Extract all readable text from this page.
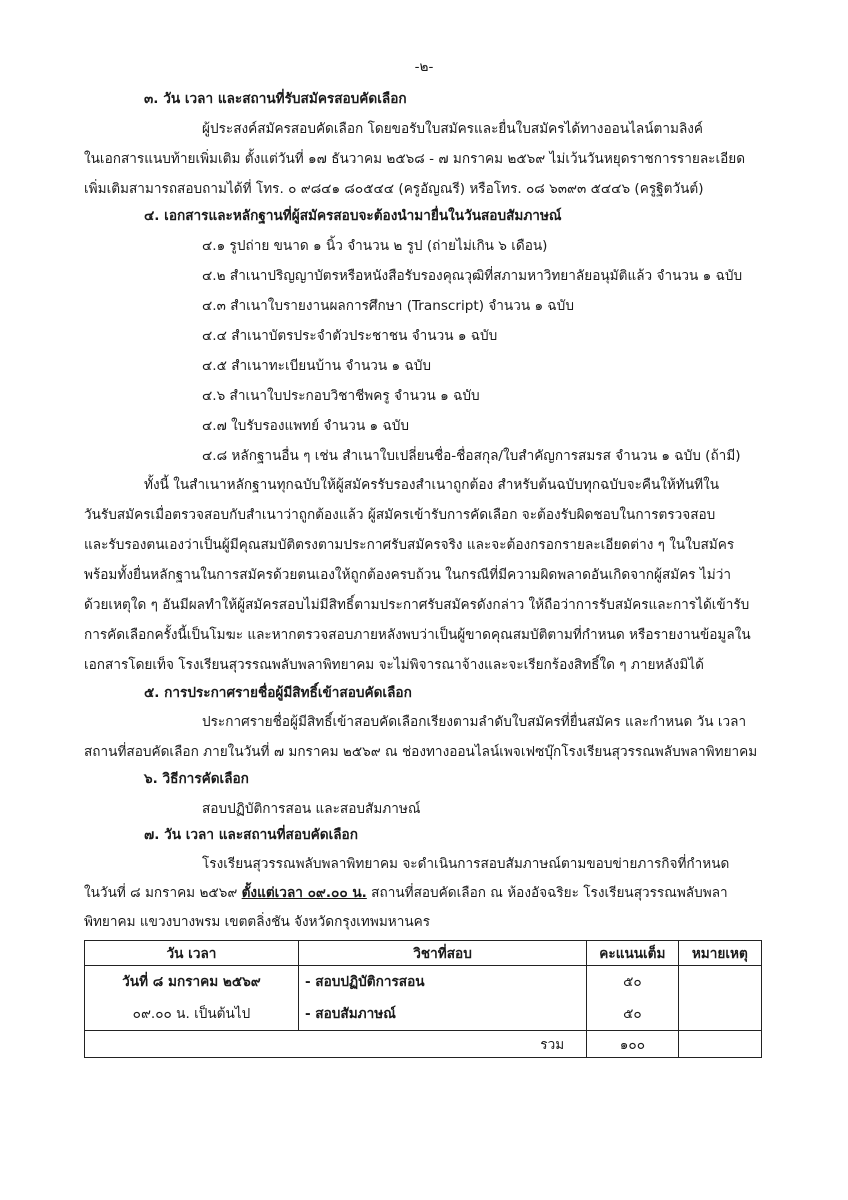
-๒-
๓. วัน เวลา และสถานที่รับสมัครสอบคัดเลือก
ผู้ประสงค์สมัครสอบคัดเลือก โดยขอรับใบสมัครและยื่นใบสมัครได้ทางออนไลน์ตามลิงค์
ในเอกสารแนบท้ายเพิ่มเติม ตั้งแต่วันที่ ๑๗ ธันวาคม ๒๕๖๘ - ๗ มกราคม ๒๕๖๙ ไม่เว้นวันหยุดราชการรายละเอียด
เพิ่มเติมสามารถสอบถามได้ที่ โทร. ๐ ๙๘๔๑ ๘๐๕๔๔ (ครูอัญณรี) หรือโทร. ๐๘ ๖๓๙๓ ๕๔๔๖ (ครูฐิตวันต์)
๔. เอกสารและหลักฐานที่ผู้สมัครสอบจะต้องนำมายื่นในวันสอบสัมภาษณ์
๔.๑ รูปถ่าย ขนาด ๑ นิ้ว จำนวน ๒ รูป (ถ่ายไม่เกิน ๖ เดือน)
๔.๒ สำเนาปริญญาบัตรหรือหนังสือรับรองคุณวุฒิที่สภามหาวิทยาลัยอนุมัติแล้ว จำนวน ๑ ฉบับ
๔.๓ สำเนาใบรายงานผลการศึกษา (Transcript) จำนวน ๑ ฉบับ
๔.๔ สำเนาบัตรประจำตัวประชาชน จำนวน ๑ ฉบับ
๔.๕ สำเนาทะเบียนบ้าน จำนวน ๑ ฉบับ
๔.๖ สำเนาใบประกอบวิชาชีพครู จำนวน ๑ ฉบับ
๔.๗ ใบรับรองแพทย์ จำนวน ๑ ฉบับ
๔.๘ หลักฐานอื่น ๆ เช่น สำเนาใบเปลี่ยนชื่อ-ชื่อสกุล/ใบสำคัญการสมรส จำนวน ๑ ฉบับ (ถ้ามี)
ทั้งนี้ ในสำเนาหลักฐานทุกฉบับให้ผู้สมัครรับรองสำเนาถูกต้อง สำหรับต้นฉบับทุกฉบับจะคืนให้ทันทีใน
วันรับสมัครเมื่อตรวจสอบกับสำเนาว่าถูกต้องแล้ว ผู้สมัครเข้ารับการคัดเลือก จะต้องรับผิดชอบในการตรวจสอบ
และรับรองตนเองว่าเป็นผู้มีคุณสมบัติตรงตามประกาศรับสมัครจริง และจะต้องกรอกรายละเอียดต่าง ๆ ในใบสมัคร
พร้อมทั้งยื่นหลักฐานในการสมัครด้วยตนเองให้ถูกต้องครบถ้วน ในกรณีที่มีความผิดพลาดอันเกิดจากผู้สมัคร ไม่ว่า
ด้วยเหตุใด ๆ อันมีผลทำให้ผู้สมัครสอบไม่มีสิทธิ์ตามประกาศรับสมัครดังกล่าว ให้ถือว่าการรับสมัครและการได้เข้ารับ
การคัดเลือกครั้งนี้เป็นโมฆะ และหากตรวจสอบภายหลังพบว่าเป็นผู้ขาดคุณสมบัติตามที่กำหนด หรือรายงานข้อมูลใน
เอกสารโดยเท็จ โรงเรียนสุวรรณพลับพลาพิทยาคม จะไม่พิจารณาจ้างและจะเรียกร้องสิทธิ์ใด ๆ ภายหลังมิได้
๕. การประกาศรายชื่อผู้มีสิทธิ์เข้าสอบคัดเลือก
ประกาศรายชื่อผู้มีสิทธิ์เข้าสอบคัดเลือกเรียงตามลำดับใบสมัครที่ยื่นสมัคร และกำหนด วัน เวลา
สถานที่สอบคัดเลือก ภายในวันที่ ๗ มกราคม ๒๕๖๙ ณ ช่องทางออนไลน์เพจเฟซบุ๊กโรงเรียนสุวรรณพลับพลาพิทยาคม
๖. วิธีการคัดเลือก
สอบปฏิบัติการสอน และสอบสัมภาษณ์
๗. วัน เวลา และสถานที่สอบคัดเลือก
โรงเรียนสุวรรณพลับพลาพิทยาคม จะดำเนินการสอบสัมภาษณ์ตามขอบข่ายภารกิจที่กำหนด
ในวันที่ ๘ มกราคม ๒๕๖๙ ตั้งแต่เวลา ๐๙.๐๐ น. สถานที่สอบคัดเลือก ณ ห้องอัจฉริยะ โรงเรียนสุวรรณพลับพลา
พิทยาคม แขวงบางพรม เขตตลิ่งชัน จังหวัดกรุงเทพมหานคร
วัน เวลา	วิชาที่สอบ	คะแนนเต็ม	หมายเหตุ
วันที่ ๘ มกราคม ๒๕๖๙	- สอบปฏิบัติการสอน	๕๐	
๐๙.๐๐ น. เป็นต้นไป	- สอบสัมภาษณ์	๕๐	
รวม		๑๐๐	
